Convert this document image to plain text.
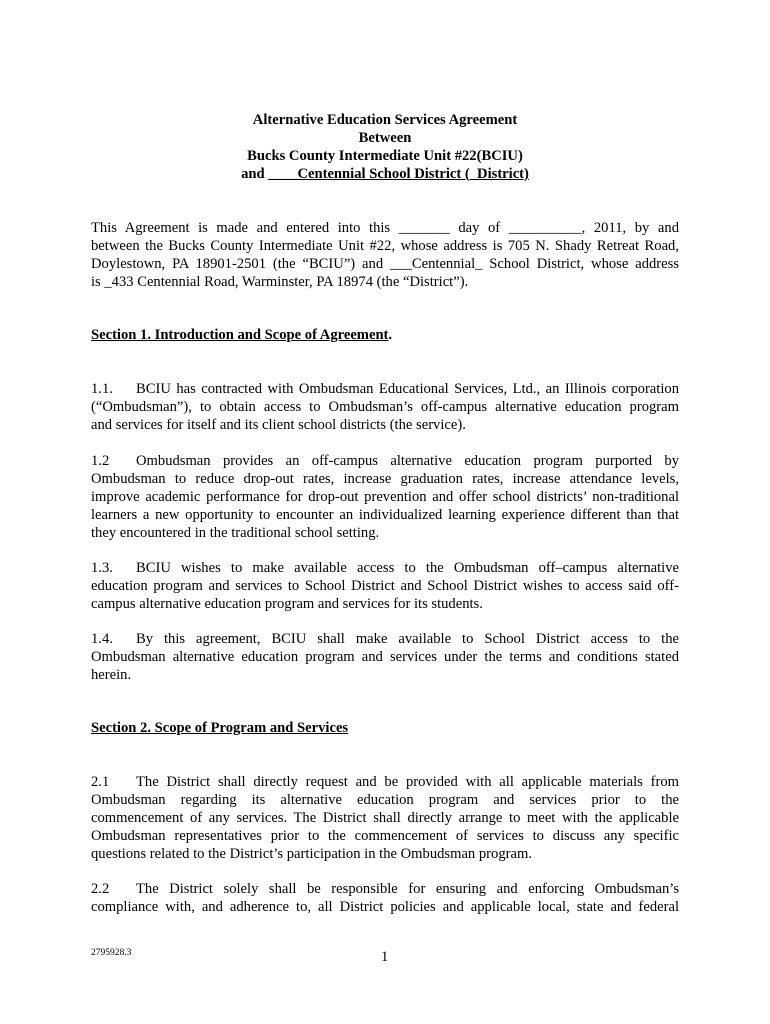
Alternative Education Services Agreement
Between
Bucks County Intermediate Unit #22(BCIU)
and ____Centennial School District (_District)
This Agreement is made and entered into this _______ day of __________, 2011, by and
between the Bucks County Intermediate Unit #22, whose address is 705 N. Shady Retreat Road,
Doylestown, PA 18901-2501 (the “BCIU”) and ___Centennial_ School District, whose address
is _433 Centennial Road, Warminster, PA 18974 (the “District”).
Section 1. Introduction and Scope of Agreement.
1.1. BCIU has contracted with Ombudsman Educational Services, Ltd., an Illinois corporation
(“Ombudsman”), to obtain access to Ombudsman’s off-campus alternative education program
and services for itself and its client school districts (the service).
1.2 Ombudsman provides an off-campus alternative education program purported by
Ombudsman to reduce drop-out rates, increase graduation rates, increase attendance levels,
improve academic performance for drop-out prevention and offer school districts’ non-traditional
learners a new opportunity to encounter an individualized learning experience different than that
they encountered in the traditional school setting.
1.3. BCIU wishes to make available access to the Ombudsman off–campus alternative
education program and services to School District and School District wishes to access said off-
campus alternative education program and services for its students.
1.4. By this agreement, BCIU shall make available to School District access to the
Ombudsman alternative education program and services under the terms and conditions stated
herein.
Section 2. Scope of Program and Services
2.1 The District shall directly request and be provided with all applicable materials from
Ombudsman regarding its alternative education program and services prior to the
commencement of any services. The District shall directly arrange to meet with the applicable
Ombudsman representatives prior to the commencement of services to discuss any specific
questions related to the District’s participation in the Ombudsman program.
2.2 The District solely shall be responsible for ensuring and enforcing Ombudsman’s
compliance with, and adherence to, all District policies and applicable local, state and federal
2795928.3	1
